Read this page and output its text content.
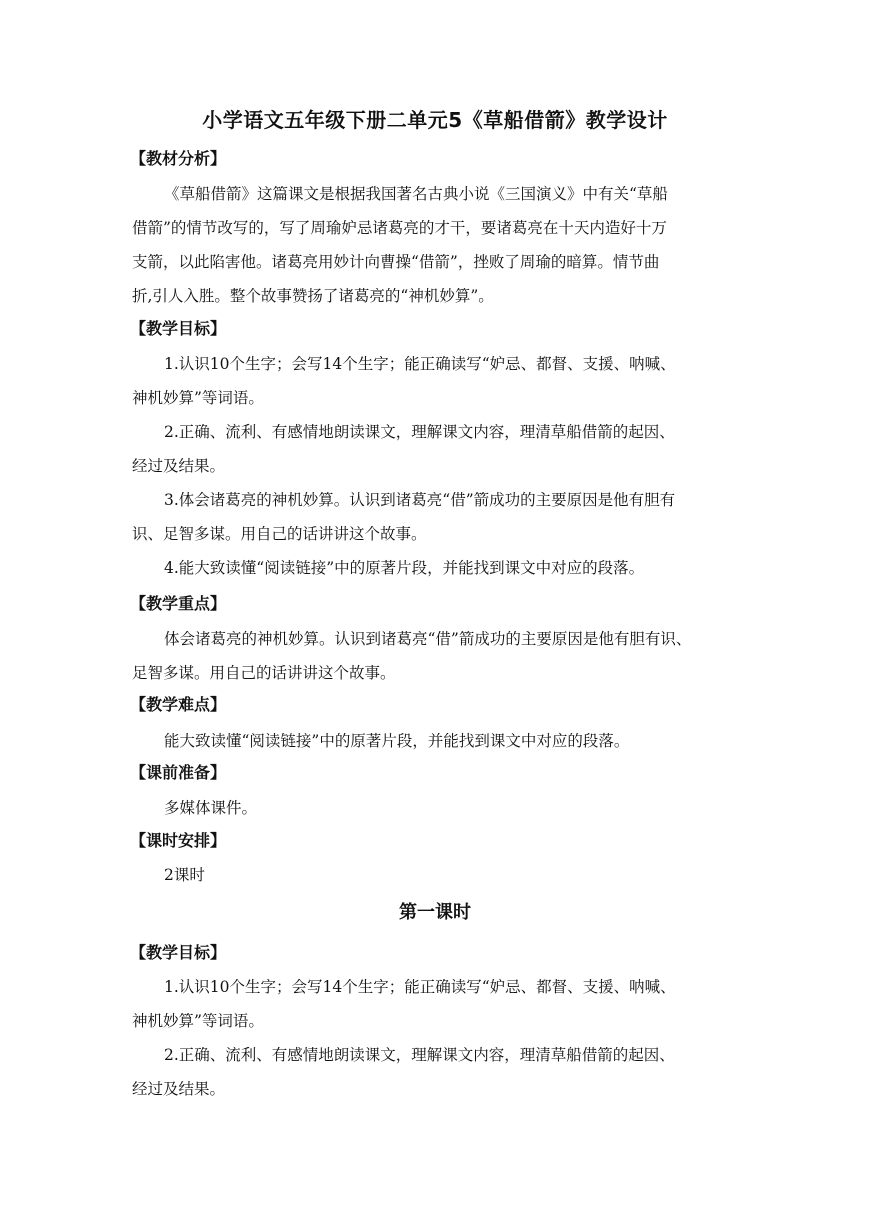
小学语文五年级下册二单元5《草船借箭》教学设计
【教材分析】
《草船借箭》这篇课文是根据我国著名古典小说《三国演义》中有关“草船
借箭”的情节改写的，写了周瑜妒忌诸葛亮的才干，要诸葛亮在十天内造好十万
支箭，以此陷害他。诸葛亮用妙计向曹操“借箭”，挫败了周瑜的暗算。情节曲
折,引人入胜。整个故事赞扬了诸葛亮的“神机妙算”。
【教学目标】
1.认识10个生字；会写14个生字；能正确读写“妒忌、都督、支援、呐喊、
神机妙算”等词语。
2.正确、流利、有感情地朗读课文，理解课文内容，理清草船借箭的起因、
经过及结果。
3.体会诸葛亮的神机妙算。认识到诸葛亮“借”箭成功的主要原因是他有胆有
识、足智多谋。用自己的话讲讲这个故事。
4.能大致读懂“阅读链接”中的原著片段，并能找到课文中对应的段落。
【教学重点】
体会诸葛亮的神机妙算。认识到诸葛亮“借”箭成功的主要原因是他有胆有识、
足智多谋。用自己的话讲讲这个故事。
【教学难点】
能大致读懂“阅读链接”中的原著片段，并能找到课文中对应的段落。
【课前准备】
多媒体课件。
【课时安排】
2课时
第一课时
【教学目标】
1.认识10个生字；会写14个生字；能正确读写“妒忌、都督、支援、呐喊、
神机妙算”等词语。
2.正确、流利、有感情地朗读课文，理解课文内容，理清草船借箭的起因、
经过及结果。
